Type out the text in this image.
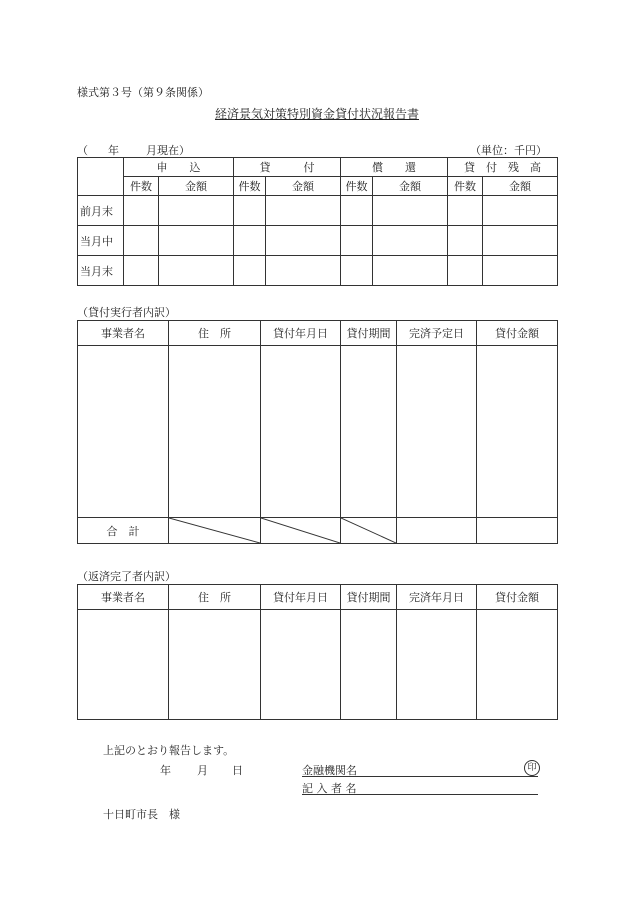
様式第３号（第９条関係）
経済景気対策特別資金貸付状況報告書
（ 年 月現在）	（単位：千円）
	申　　込		貸　　　付		償　　還		貸　付　残　高	
	件数	金額	件数	金額	件数	金額	件数	金額
前月末								
当月中								
当月末								
（貸付実行者内訳）
事業者名	住　所	貸付年月日	貸付期間	完済予定日	貸付金額

合　計	

（返済完了者内訳）
事業者名	住　所	貸付年月日	貸付期間	完済年月日	貸付金額

上記のとおり報告します。
年 月 日	金融機関名	印
記 入 者 名
十日町市長　様
